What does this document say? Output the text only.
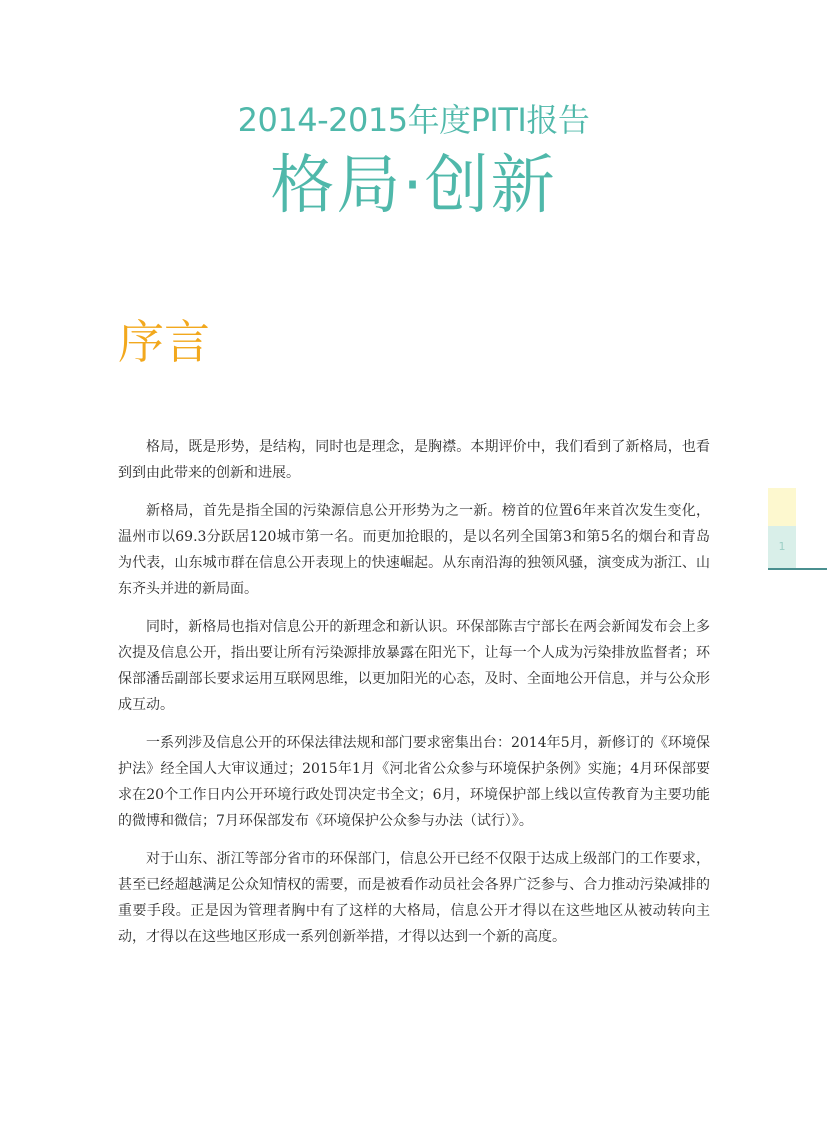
2014-2015年度PITI报告
格局·创新
序言

格局，既是形势，是结构，同时也是理念，是胸襟。本期评价中，我们看到了新格局，也看到到由此带来的创新和进展。

新格局，首先是指全国的污染源信息公开形势为之一新。榜首的位置6年来首次发生变化，温州市以69.3分跃居120城市第一名。而更加抢眼的，是以名列全国第3和第5名的烟台和青岛为代表，山东城市群在信息公开表现上的快速崛起。从东南沿海的独领风骚，演变成为浙江、山东齐头并进的新局面。

同时，新格局也指对信息公开的新理念和新认识。环保部陈吉宁部长在两会新闻发布会上多次提及信息公开，指出要让所有污染源排放暴露在阳光下，让每一个人成为污染排放监督者；环保部潘岳副部长要求运用互联网思维，以更加阳光的心态，及时、全面地公开信息，并与公众形成互动。

一系列涉及信息公开的环保法律法规和部门要求密集出台：2014年5月，新修订的《环境保护法》经全国人大审议通过；2015年1月《河北省公众参与环境保护条例》实施；4月环保部要求在20个工作日内公开环境行政处罚决定书全文；6月，环境保护部上线以宣传教育为主要功能的微博和微信；7月环保部发布《环境保护公众参与办法（试行）》。

对于山东、浙江等部分省市的环保部门，信息公开已经不仅限于达成上级部门的工作要求，甚至已经超越满足公众知情权的需要，而是被看作动员社会各界广泛参与、合力推动污染减排的重要手段。正是因为管理者胸中有了这样的大格局，信息公开才得以在这些地区从被动转向主动，才得以在这些地区形成一系列创新举措，才得以达到一个新的高度。

1
